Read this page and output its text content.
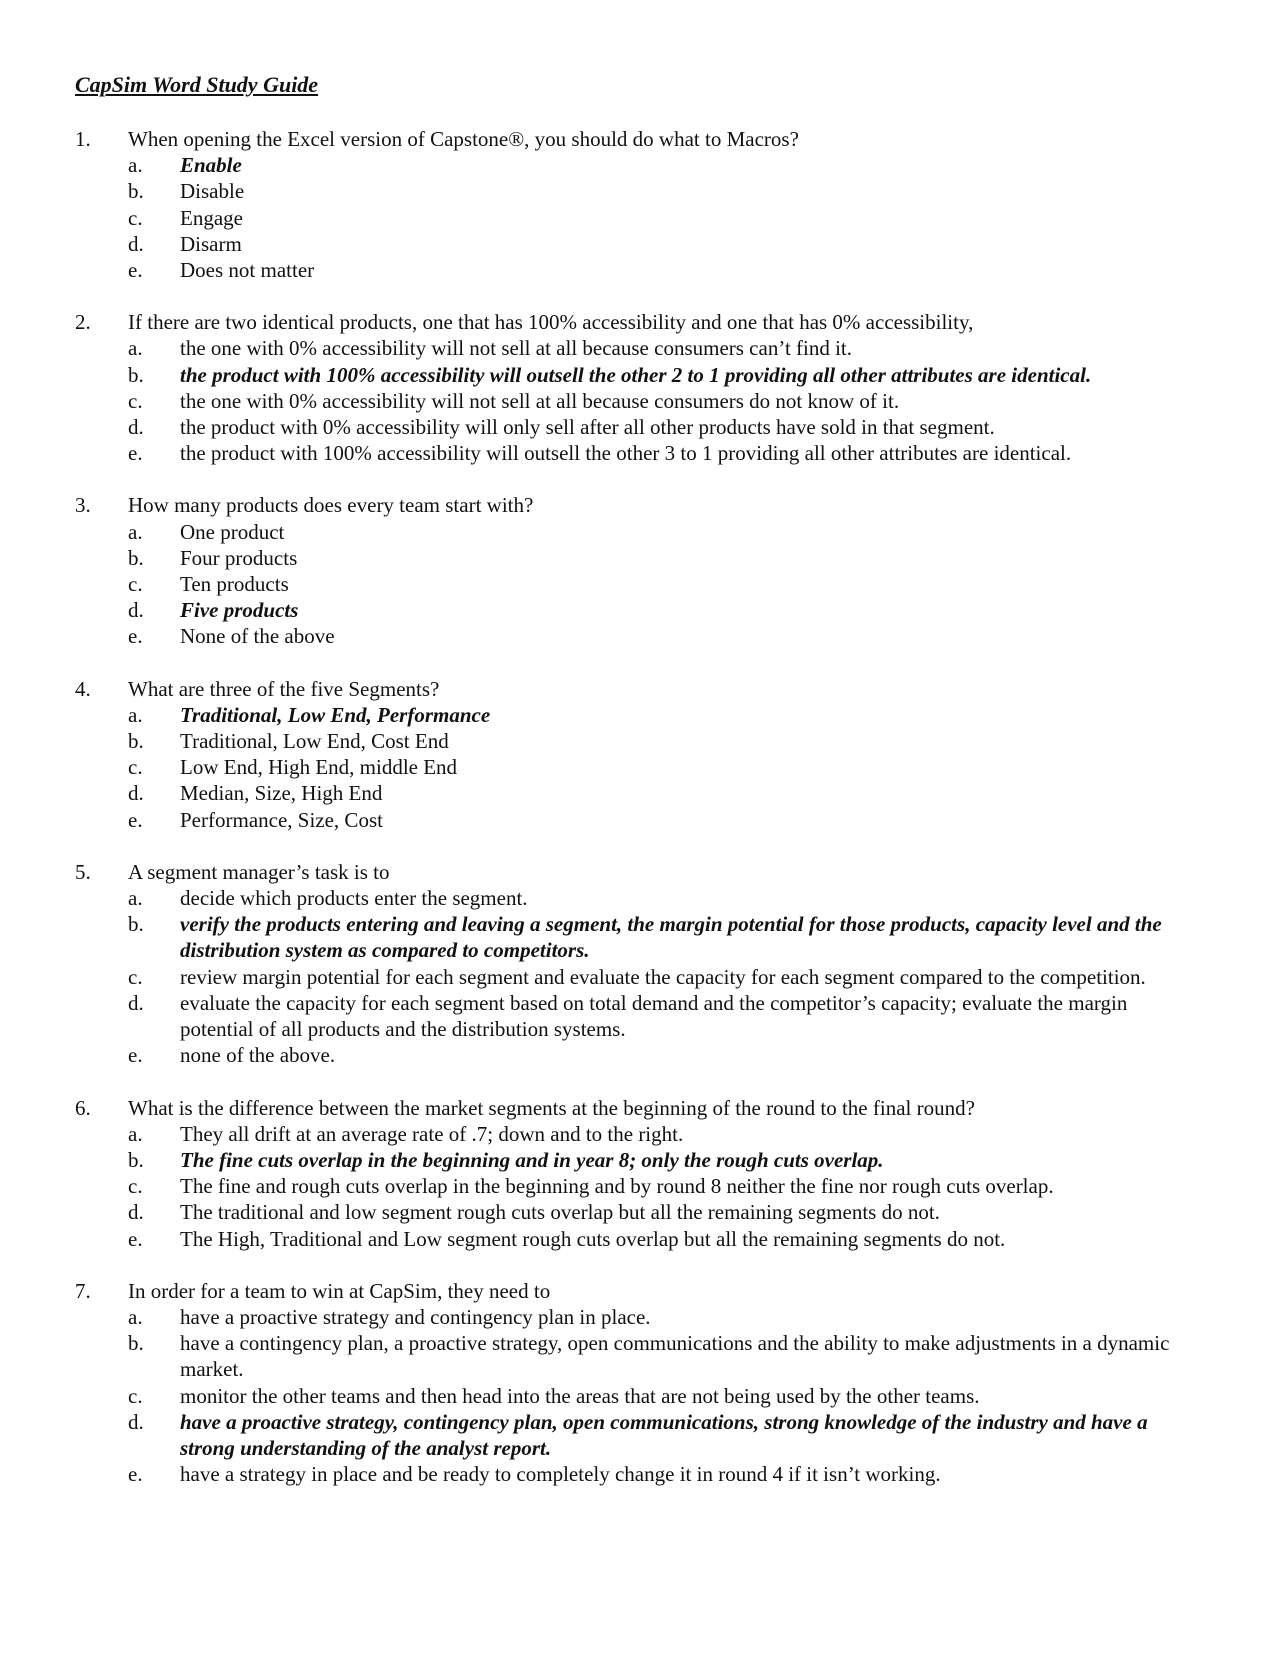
CapSim Word Study Guide
1.	When opening the Excel version of Capstone®, you should do what to Macros?
a.	Enable
b.	Disable
c.	Engage
d.	Disarm
e.	Does not matter
2.	If there are two identical products, one that has 100% accessibility and one that has 0% accessibility,
a.	the one with 0% accessibility will not sell at all because consumers can’t find it.
b.	the product with 100% accessibility will outsell the other 2 to 1 providing all other attributes are identical.
c.	the one with 0% accessibility will not sell at all because consumers do not know of it.
d.	the product with 0% accessibility will only sell after all other products have sold in that segment.
e.	the product with 100% accessibility will outsell the other 3 to 1 providing all other attributes are identical.
3.	How many products does every team start with?
a.	One product
b.	Four products
c.	Ten products
d.	Five products
e.	None of the above
4.	What are three of the five Segments?
a.	Traditional, Low End, Performance
b.	Traditional, Low End, Cost End
c.	Low End, High End, middle End
d.	Median, Size, High End
e.	Performance, Size, Cost
5.	A segment manager’s task is to
a.	decide which products enter the segment.
b.	verify the products entering and leaving a segment, the margin potential for those products, capacity level and the distribution system as compared to competitors.
c.	review margin potential for each segment and evaluate the capacity for each segment compared to the competition.
d.	evaluate the capacity for each segment based on total demand and the competitor’s capacity; evaluate the margin potential of all products and the distribution systems.
e.	none of the above.
6.	What is the difference between the market segments at the beginning of the round to the final round?
a.	They all drift at an average rate of .7; down and to the right.
b.	The fine cuts overlap in the beginning and in year 8; only the rough cuts overlap.
c.	The fine and rough cuts overlap in the beginning and by round 8 neither the fine nor rough cuts overlap.
d.	The traditional and low segment rough cuts overlap but all the remaining segments do not.
e.	The High, Traditional and Low segment rough cuts overlap but all the remaining segments do not.
7.	In order for a team to win at CapSim, they need to
a.	have a proactive strategy and contingency plan in place.
b.	have a contingency plan, a proactive strategy, open communications and the ability to make adjustments in a dynamic market.
c.	monitor the other teams and then head into the areas that are not being used by the other teams.
d.	have a proactive strategy, contingency plan, open communications, strong knowledge of the industry and have a strong understanding of the analyst report.
e.	have a strategy in place and be ready to completely change it in round 4 if it isn’t working.
